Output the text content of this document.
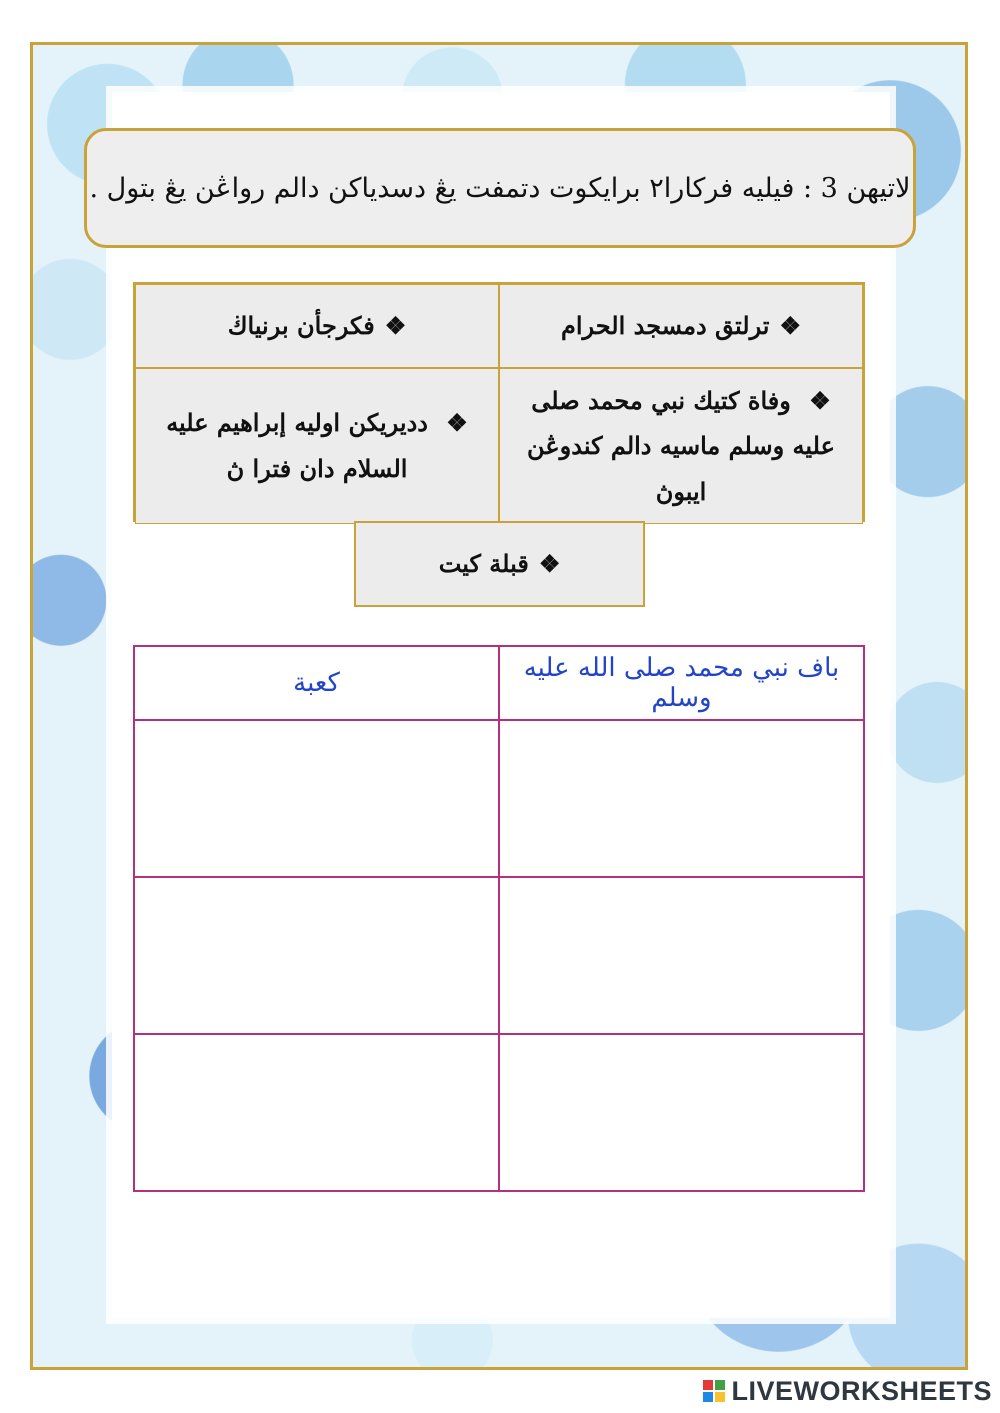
لاتيهن 3 : فيليه فركارا٢ برايكوت دتمفت يڠ دسدياكن دالم رواڠن يڠ بتول .
❖
ترلتق دمسجد الحرام
❖
فكرجأن برنياڬ
❖ وفاة كتيك نبي محمد صلى عليه وسلم ماسيه دالم كندوڠن ايبوڽ
❖ دديريكن اوليه إبراهيم عليه السلام دان فترا ڽ
❖
قبلة كيت
باف نبي محمد صلى الله عليه وسلم	كعبة

LIVEWORKSHEETS
